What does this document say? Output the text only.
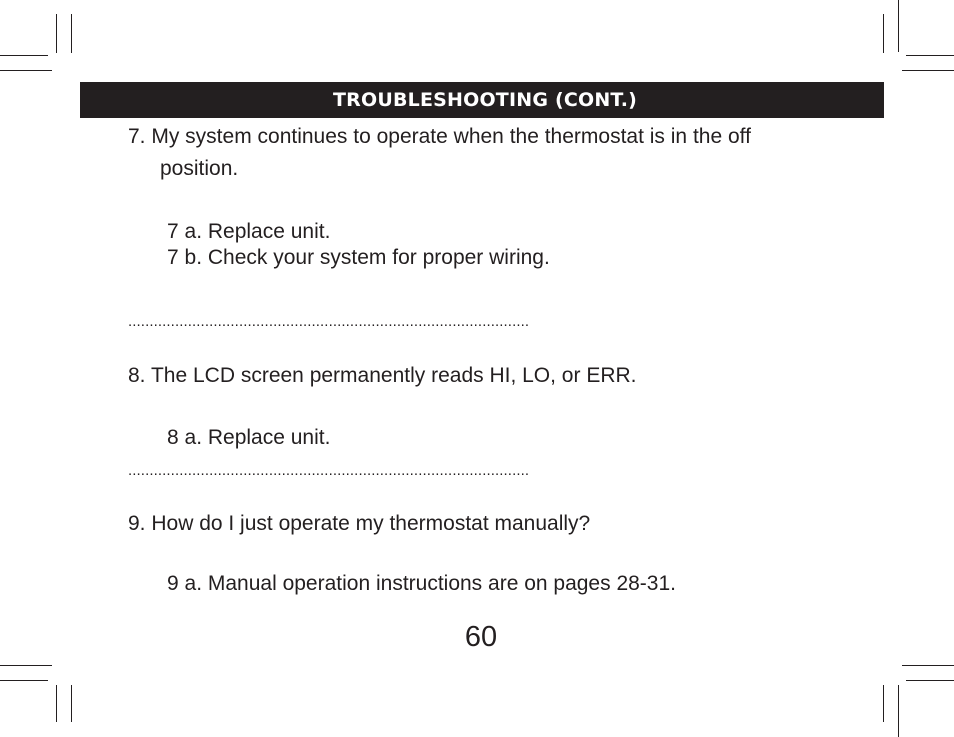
TROUBLESHOOTING (CONT.)
7. My system continues to operate when the thermostat is in the off
position.
7 a. Replace unit.
7 b. Check your system for proper wiring.
..............................................................................................
8. The LCD screen permanently reads HI, LO, or ERR.
8 a. Replace unit.
..............................................................................................
9. How do I just operate my thermostat manually?
9 a. Manual operation instructions are on pages 28-31.
60
